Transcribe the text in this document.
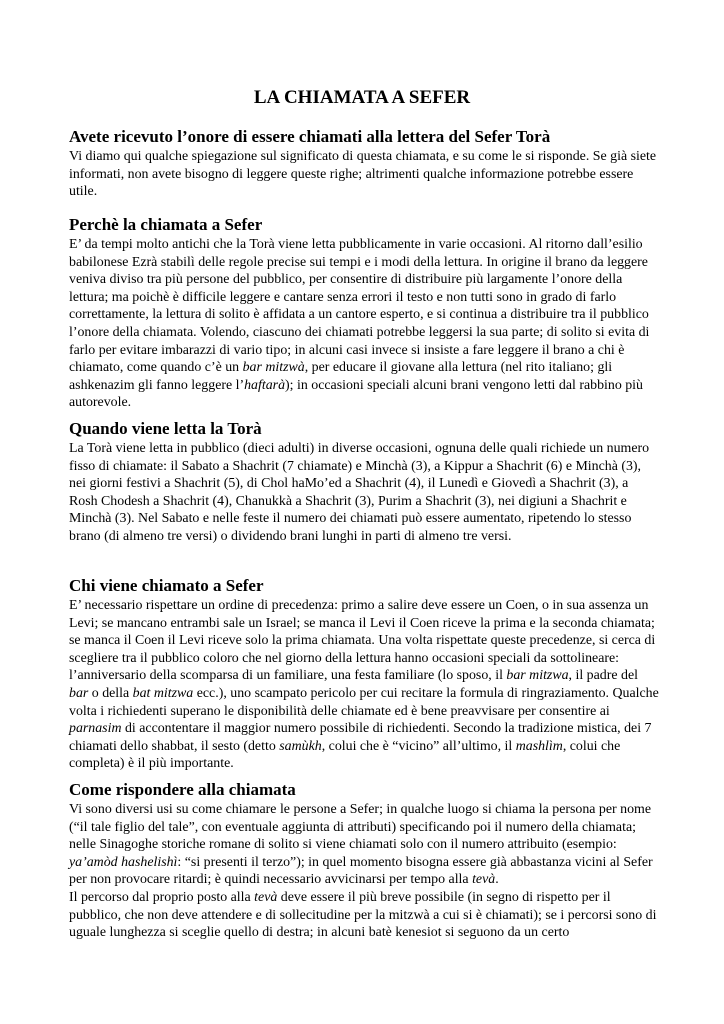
LA CHIAMATA A SEFER
Avete ricevuto l’onore di essere chiamati alla lettera del Sefer Torà

Vi diamo qui qualche spiegazione sul significato di questa chiamata, e su come le si risponde. Se già siete informati, non avete bisogno di leggere queste righe; altrimenti qualche informazione potrebbe essere utile.

Perchè la chiamata a Sefer

E’ da tempi molto antichi che la Torà viene letta pubblicamente in varie occasioni. Al ritorno dall’esilio babilonese Ezrà stabilì delle regole precise sui tempi e i modi della lettura. In origine il brano da leggere veniva diviso tra più persone del pubblico, per consentire di distribuire più largamente l’onore della lettura; ma poichè è difficile leggere e cantare senza errori il testo e non tutti sono in grado di farlo correttamente, la lettura di solito è affidata a un cantore esperto, e si continua a distribuire tra il pubblico l’onore della chiamata. Volendo, ciascuno dei chiamati potrebbe leggersi la sua parte; di solito si evita di farlo per evitare imbarazzi di vario tipo; in alcuni casi invece si insiste a fare leggere il brano a chi è chiamato, come quando c’è un bar mitzwà, per educare il giovane alla lettura (nel rito italiano; gli ashkenazim gli fanno leggere l’haftarà); in occasioni speciali alcuni brani vengono letti dal rabbino più autorevole.

Quando viene letta la Torà

La Torà viene letta in pubblico (dieci adulti) in diverse occasioni, ognuna delle quali richiede un numero fisso di chiamate: il Sabato a Shachrit (7 chiamate) e Minchà (3), a Kippur a Shachrit (6) e Minchà (3), nei giorni festivi a Shachrit (5), di Chol haMo’ed a Shachrit (4), il Lunedì e Giovedì a Shachrit (3), a Rosh Chodesh a Shachrit (4), Chanukkà a Shachrit (3), Purim a Shachrit (3), nei digiuni a Shachrit e Minchà (3). Nel Sabato e nelle feste il numero dei chiamati può essere aumentato, ripetendo lo stesso brano (di almeno tre versi) o dividendo brani lunghi in parti di almeno tre versi.

Chi viene chiamato a Sefer

E’ necessario rispettare un ordine di precedenza: primo a salire deve essere un Coen, o in sua assenza un Levi; se mancano entrambi sale un Israel; se manca il Levi il Coen riceve la prima e la seconda chiamata; se manca il Coen il Levi riceve solo la prima chiamata. Una volta rispettate queste precedenze, si cerca di scegliere tra il pubblico coloro che nel giorno della lettura hanno occasioni speciali da sottolineare: l’anniversario della scomparsa di un familiare, una festa familiare (lo sposo, il bar mitzwa, il padre del bar o della bat mitzwa ecc.), uno scampato pericolo per cui recitare la formula di ringraziamento. Qualche volta i richiedenti superano le disponibilità delle chiamate ed è bene preavvisare per consentire ai parnasim di accontentare il maggior numero possibile di richiedenti. Secondo la tradizione mistica, dei 7 chiamati dello shabbat, il sesto (detto samùkh, colui che è “vicino” all’ultimo, il mashlìm, colui che completa) è il più importante.

Come rispondere alla chiamata

Vi sono diversi usi su come chiamare le persone a Sefer; in qualche luogo si chiama la persona per nome (“il tale figlio del tale”, con eventuale aggiunta di attributi) specificando poi il numero della chiamata; nelle Sinagoghe storiche romane di solito si viene chiamati solo con il numero attribuito (esempio: ya’amòd hashelishì: “si presenti il terzo”); in quel momento bisogna essere già abbastanza vicini al Sefer per non provocare ritardi; è quindi necessario avvicinarsi per tempo alla tevà.

Il percorso dal proprio posto alla tevà deve essere il più breve possibile (in segno di rispetto per il pubblico, che non deve attendere e di sollecitudine per la mitzwà a cui si è chiamati); se i percorsi sono di uguale lunghezza si sceglie quello di destra; in alcuni batè kenesiot si seguono da un certo
